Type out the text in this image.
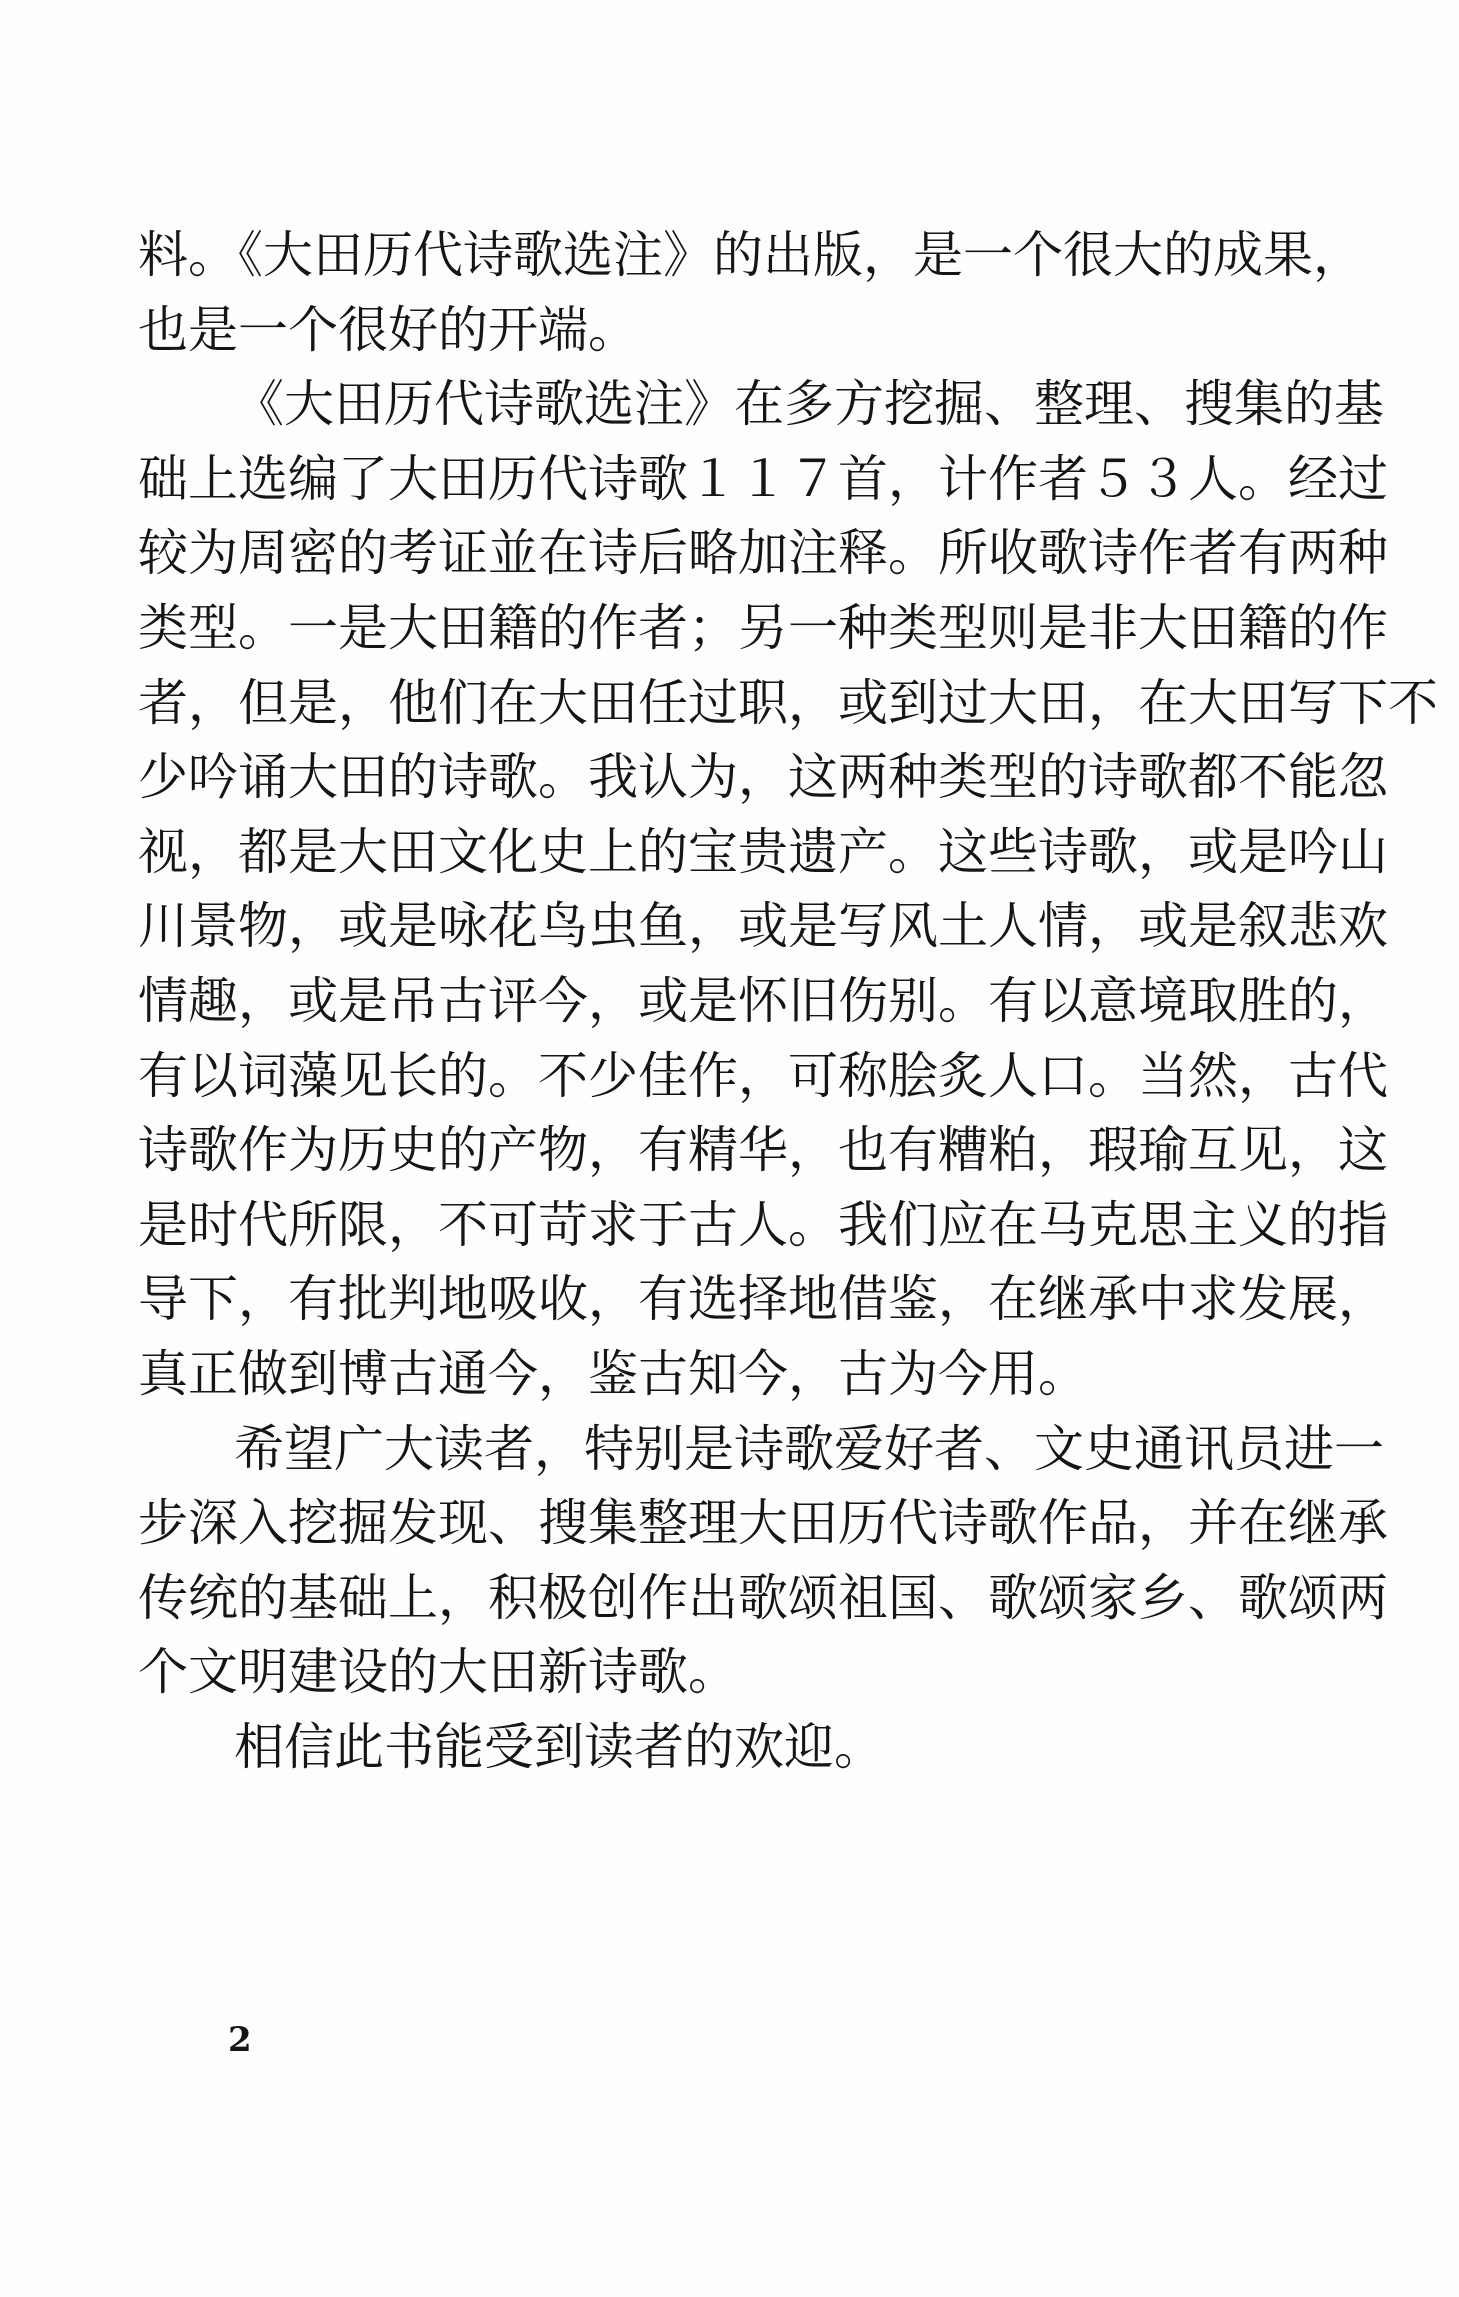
料。《大田历代诗歌选注》的出版，是一个很大的成果，
也是一个很好的开端。
《大田历代诗歌选注》在多方挖掘、整理、搜集的基
础上选编了大田历代诗歌１１７首，计作者５３人。经过
较为周密的考证並在诗后略加注释。所收歌诗作者有两种
类型。一是大田籍的作者；另一种类型则是非大田籍的作
者，但是，他们在大田任过职，或到过大田，在大田写下不
少吟诵大田的诗歌。我认为，这两种类型的诗歌都不能忽
视，都是大田文化史上的宝贵遗产。这些诗歌，或是吟山
川景物，或是咏花鸟虫鱼，或是写风土人情，或是叙悲欢
情趣，或是吊古评今，或是怀旧伤别。有以意境取胜的，
有以词藻见长的。不少佳作，可称脍炙人口。当然，古代
诗歌作为历史的产物，有精华，也有糟粕，瑕瑜互见，这
是时代所限，不可苛求于古人。我们应在马克思主义的指
导下，有批判地吸收，有选择地借鉴，在继承中求发展，
真正做到博古通今，鉴古知今，古为今用。
希望广大读者，特别是诗歌爱好者、文史通讯员进一
步深入挖掘发现、搜集整理大田历代诗歌作品，并在继承
传统的基础上，积极创作出歌颂祖国、歌颂家乡、歌颂两
个文明建设的大田新诗歌。
相信此书能受到读者的欢迎。
2
